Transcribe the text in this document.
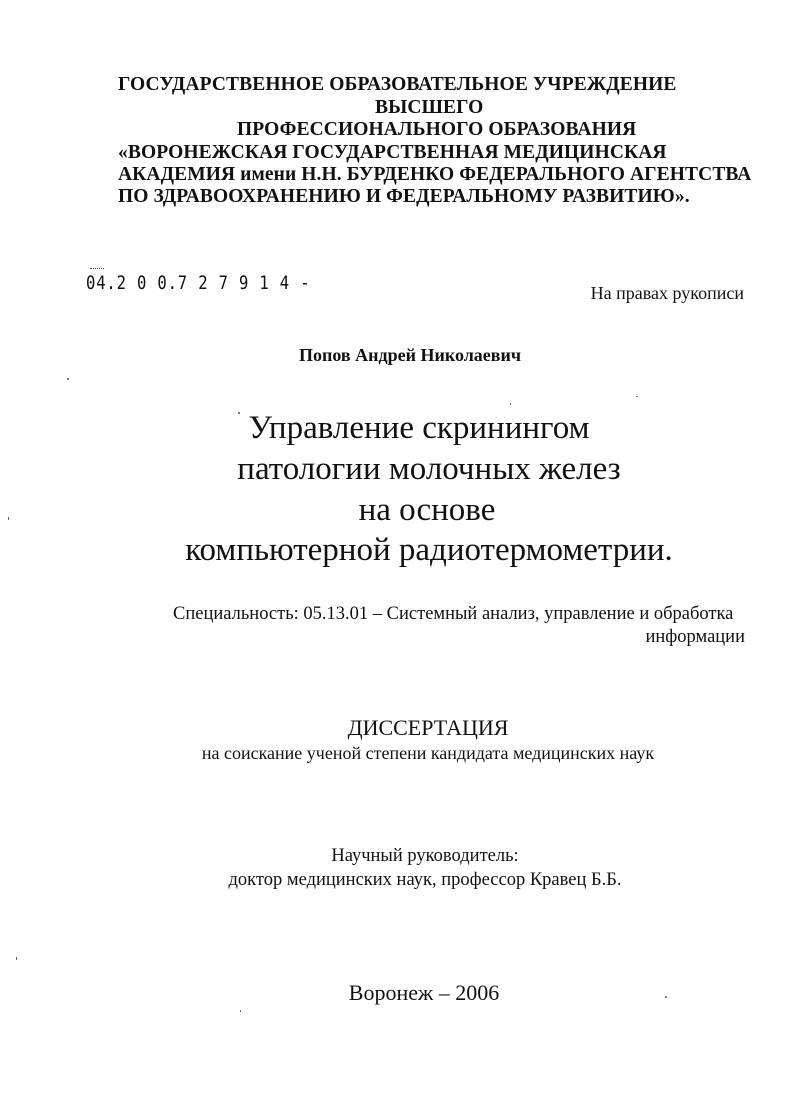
ГОСУДАРСТВЕННОЕ ОБРАЗОВАТЕЛЬНОЕ УЧРЕЖДЕНИЕ
ВЫСШЕГО
ПРОФЕССИОНАЛЬНОГО ОБРАЗОВАНИЯ
«ВОРОНЕЖСКАЯ ГОСУДАРСТВЕННАЯ МЕДИЦИНСКАЯ
АКАДЕМИЯ имени Н.Н. БУРДЕНКО ФЕДЕРАЛЬНОГО АГЕНТСТВА
ПО ЗДРАВООХРАНЕНИЮ И ФЕДЕРАЛЬНОМУ РАЗВИТИЮ».
04.2 0 0.7 2 7 9 1 4 -	На правах рукописи
Попов Андрей Николаевич
Управление скринингом
патологии молочных желез
на основе
компьютерной радиотермометрии.
Специальность: 05.13.01 – Системный анализ, управление и обработка
информации
ДИССЕРТАЦИЯ
на соискание ученой степени кандидата медицинских наук
Научный руководитель:
доктор медицинских наук, профессор Кравец Б.Б.
Воронеж – 2006
